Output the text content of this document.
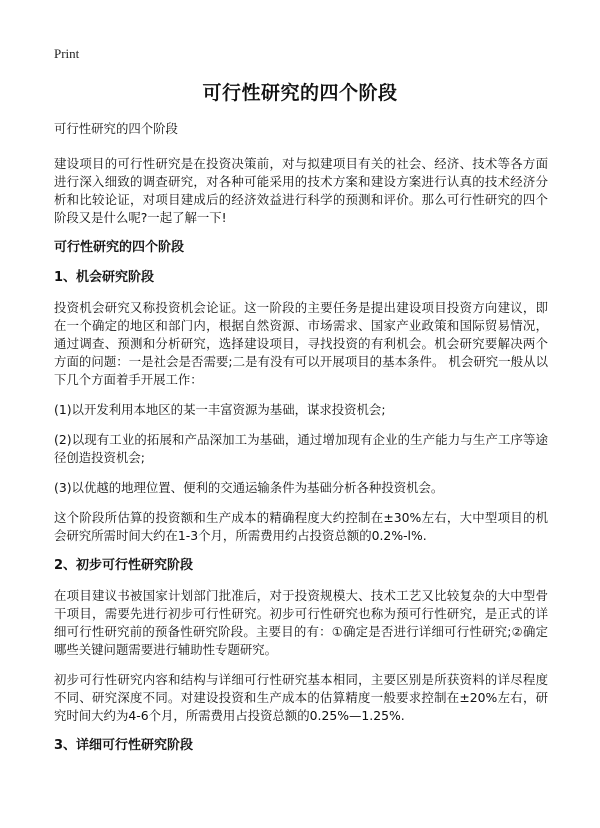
Print
可行性研究的四个阶段

可行性研究的四个阶段

建设项目的可行性研究是在投资决策前，对与拟建项目有关的社会、经济、技术等各方面进行深入细致的调查研究，对各种可能采用的技术方案和建设方案进行认真的技术经济分析和比较论证，对项目建成后的经济效益进行科学的预测和评价。那么可行性研究的四个阶段又是什么呢?一起了解一下!

可行性研究的四个阶段
1、机会研究阶段

投资机会研究又称投资机会论证。这一阶段的主要任务是提出建设项目投资方向建议，即在一个确定的地区和部门内，根据自然资源、市场需求、国家产业政策和国际贸易情况，通过调查、预测和分析研究，选择建设项目，寻找投资的有利机会。机会研究要解决两个方面的问题：一是社会是否需要;二是有没有可以开展项目的基本条件。 机会研究一般从以下几个方面着手开展工作：

(1)以开发利用本地区的某一丰富资源为基础，谋求投资机会;

(2)以现有工业的拓展和产品深加工为基础，通过增加现有企业的生产能力与生产工序等途径创造投资机会;

(3)以优越的地理位置、便利的交通运输条件为基础分析各种投资机会。

这个阶段所估算的投资额和生产成本的精确程度大约控制在±30%左右，大中型项目的机会研究所需时间大约在1-3个月，所需费用约占投资总额的0.2%-l%.

2、初步可行性研究阶段

在项目建议书被国家计划部门批准后，对于投资规模大、技术工艺又比较复杂的大中型骨干项目，需要先进行初步可行性研究。初步可行性研究也称为预可行性研究，是正式的详细可行性研究前的预备性研究阶段。主要目的有：①确定是否进行详细可行性研究;②确定哪些关键问题需要进行辅助性专题研究。

初步可行性研究内容和结构与详细可行性研究基本相同，主要区别是所获资料的详尽程度不同、研究深度不同。对建设投资和生产成本的估算精度一般要求控制在±20%左右，研究时间大约为4-6个月，所需费用占投资总额的0.25%—1.25%.

3、详细可行性研究阶段
